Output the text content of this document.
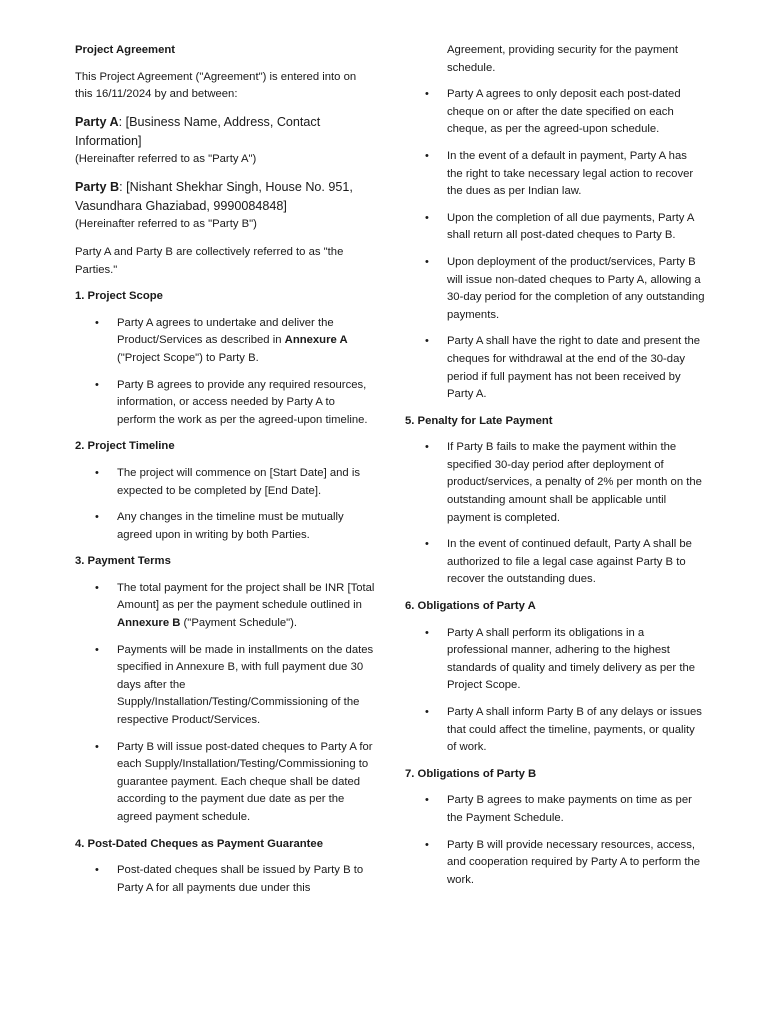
Project Agreement

This Project Agreement ("Agreement") is entered into on this 16/11/2024 by and between:

Party A: [Business Name, Address, Contact Information]

(Hereinafter referred to as "Party A")

Party B: [Nishant Shekhar Singh, House No. 951, Vasundhara Ghaziabad, 9990084848]

(Hereinafter referred to as "Party B")

Party A and Party B are collectively referred to as "the Parties."

1. Project Scope

• Party A agrees to undertake and deliver the Product/Services as described in Annexure A ("Project Scope") to Party B.
• Party B agrees to provide any required resources, information, or access needed by Party A to perform the work as per the agreed-upon timeline.

2. Project Timeline

• The project will commence on [Start Date] and is expected to be completed by [End Date].
• Any changes in the timeline must be mutually agreed upon in writing by both Parties.

3. Payment Terms

• The total payment for the project shall be INR [Total Amount] as per the payment schedule outlined in Annexure B ("Payment Schedule").
• Payments will be made in installments on the dates specified in Annexure B, with full payment due 30 days after the Supply/Installation/Testing/Commissioning of the respective Product/Services.
• Party B will issue post-dated cheques to Party A for each Supply/Installation/Testing/Commissioning to guarantee payment. Each cheque shall be dated according to the payment due date as per the agreed payment schedule.

4. Post-Dated Cheques as Payment Guarantee

• Post-dated cheques shall be issued by Party B to Party A for all payments due under this

Agreement, providing security for the payment schedule.

• Party A agrees to only deposit each post-dated cheque on or after the date specified on each cheque, as per the agreed-upon schedule.
• In the event of a default in payment, Party A has the right to take necessary legal action to recover the dues as per Indian law.
• Upon the completion of all due payments, Party A shall return all post-dated cheques to Party B.
• Upon deployment of the product/services, Party B will issue non-dated cheques to Party A, allowing a 30-day period for the completion of any outstanding payments.
• Party A shall have the right to date and present the cheques for withdrawal at the end of the 30-day period if full payment has not been received by Party A.

5. Penalty for Late Payment

• If Party B fails to make the payment within the specified 30-day period after deployment of product/services, a penalty of 2% per month on the outstanding amount shall be applicable until payment is completed.
• In the event of continued default, Party A shall be authorized to file a legal case against Party B to recover the outstanding dues.

6. Obligations of Party A

• Party A shall perform its obligations in a professional manner, adhering to the highest standards of quality and timely delivery as per the Project Scope.
• Party A shall inform Party B of any delays or issues that could affect the timeline, payments, or quality of work.

7. Obligations of Party B

• Party B agrees to make payments on time as per the Payment Schedule.
• Party B will provide necessary resources, access, and cooperation required by Party A to perform the work.
